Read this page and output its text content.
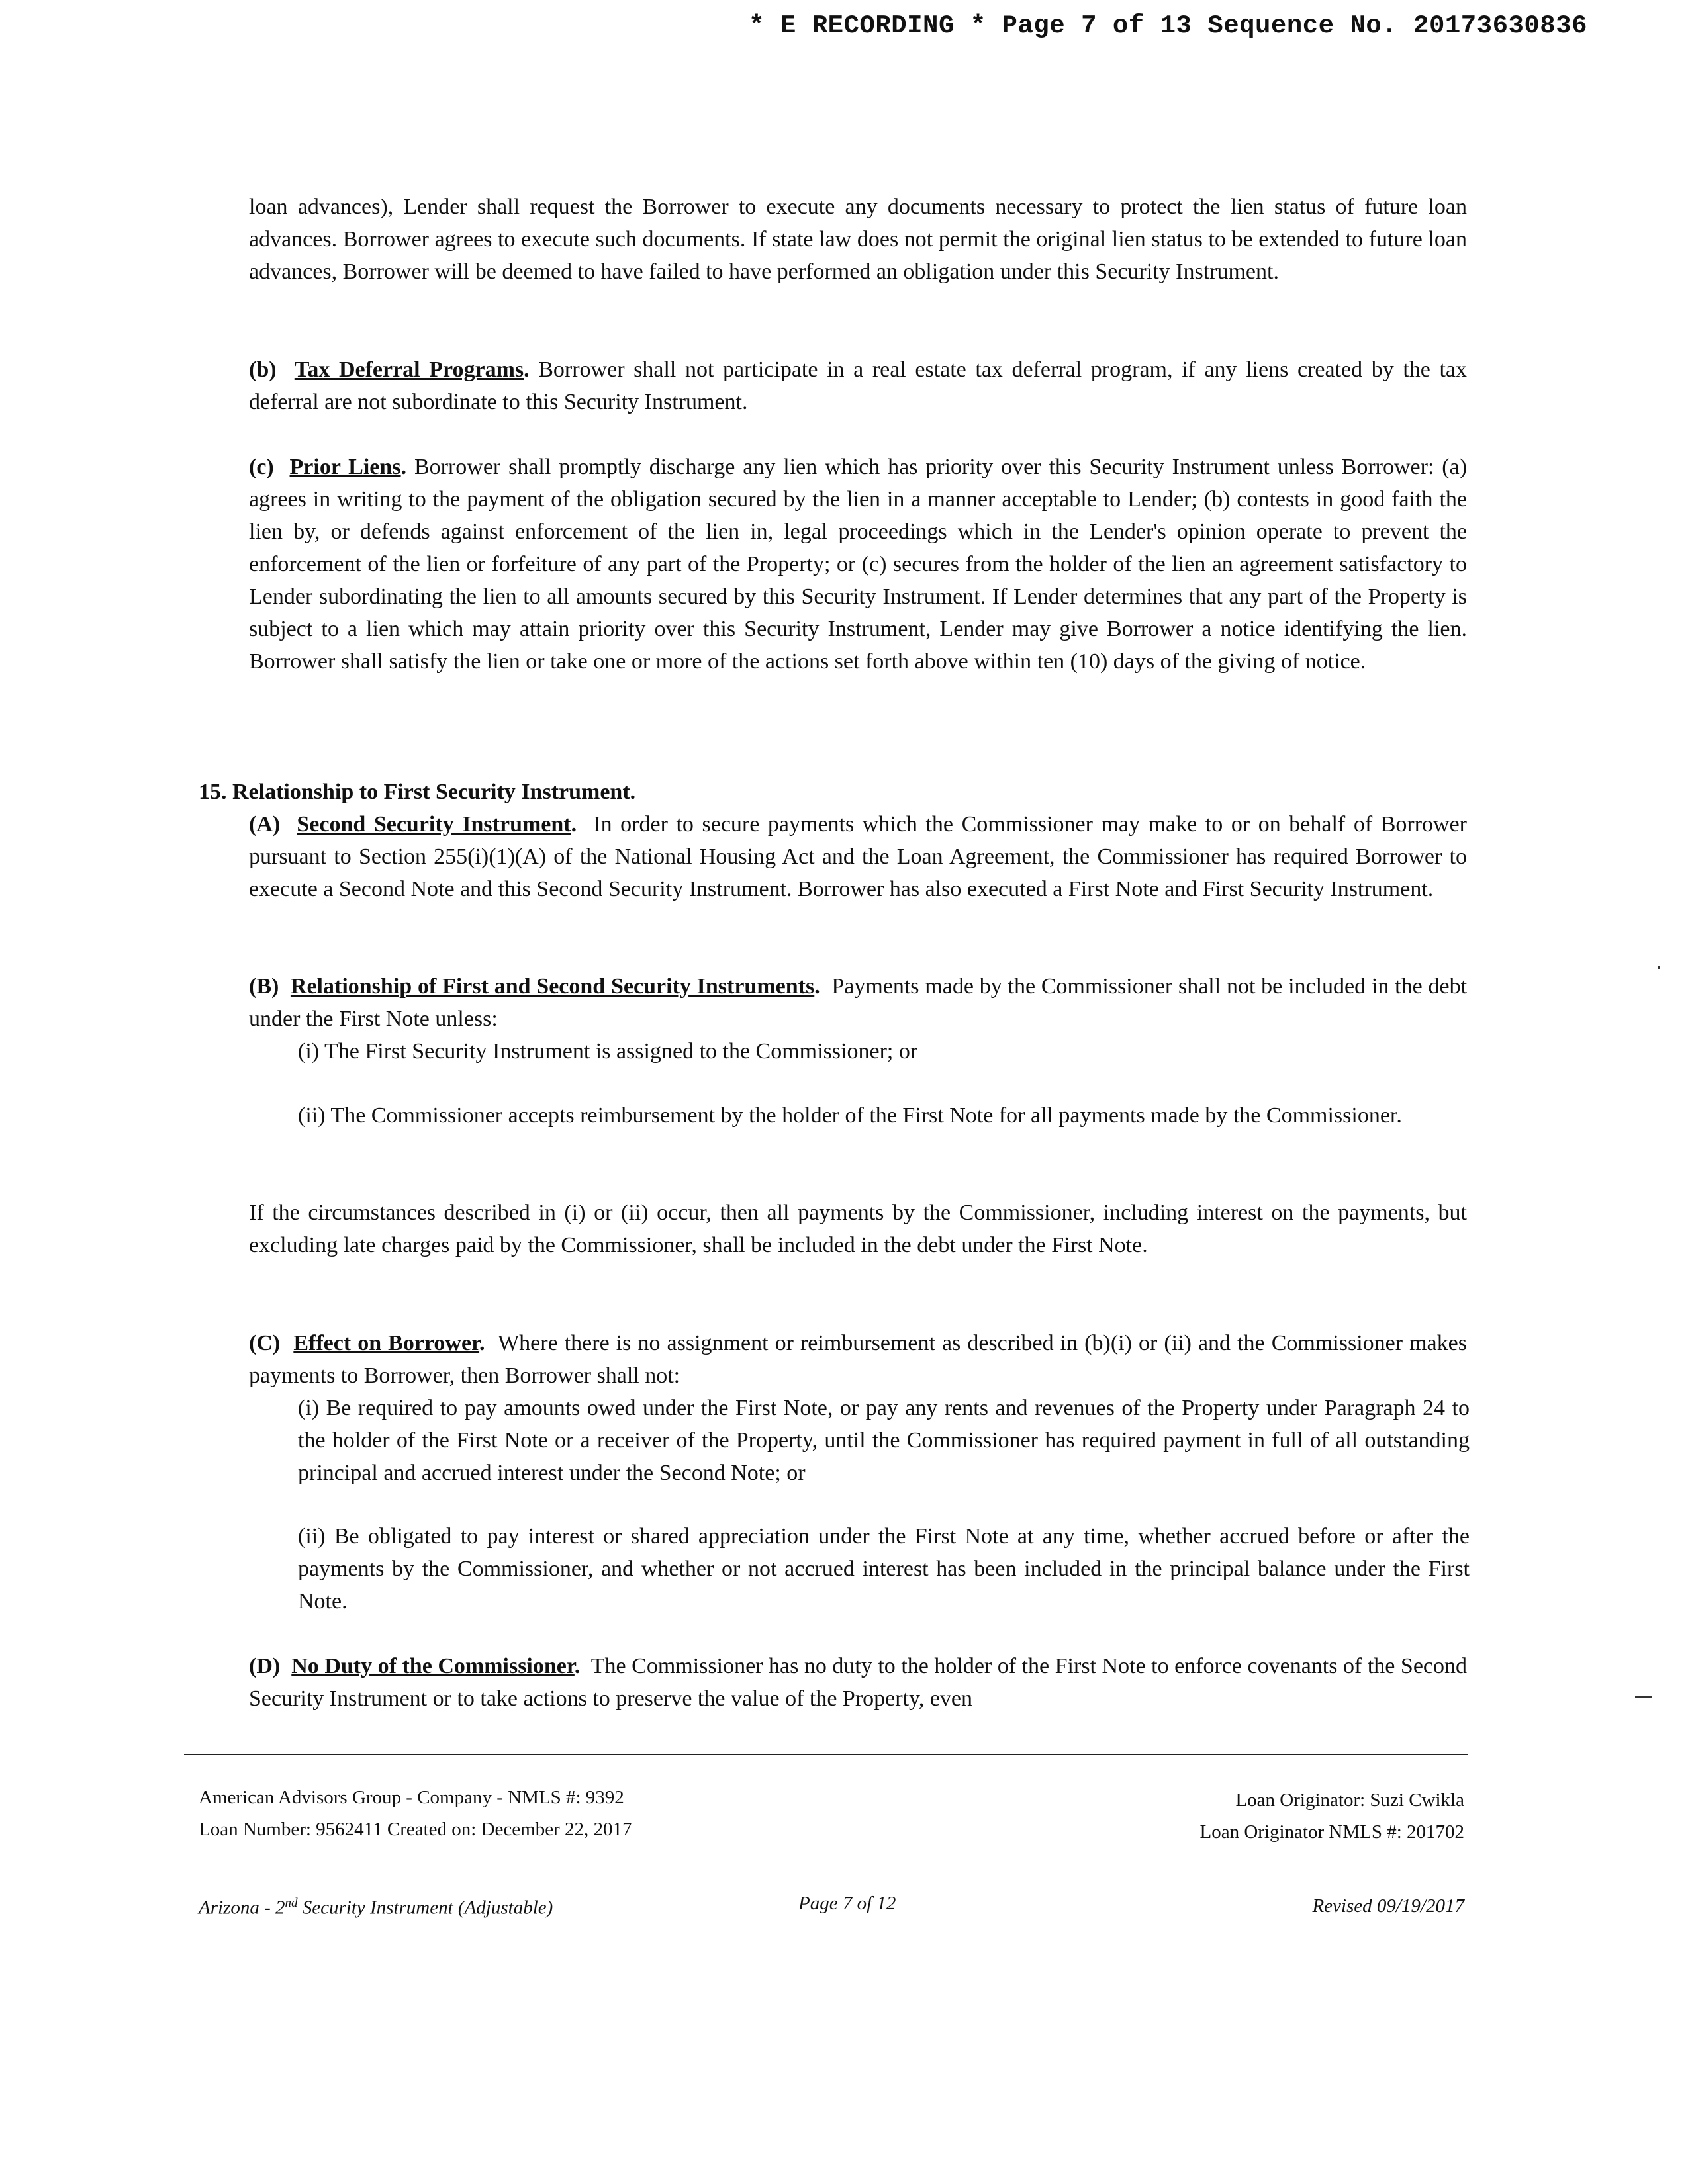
* E RECORDING * Page 7 of 13 Sequence No. 20173630836

loan advances), Lender shall request the Borrower to execute any documents necessary to protect the lien status of future loan advances. Borrower agrees to execute such documents. If state law does not permit the original lien status to be extended to future loan advances, Borrower will be deemed to have failed to have performed an obligation under this Security Instrument.

(b) Tax Deferral Programs. Borrower shall not participate in a real estate tax deferral program, if any liens created by the tax deferral are not subordinate to this Security Instrument.

(c) Prior Liens. Borrower shall promptly discharge any lien which has priority over this Security Instrument unless Borrower: (a) agrees in writing to the payment of the obligation secured by the lien in a manner acceptable to Lender; (b) contests in good faith the lien by, or defends against enforcement of the lien in, legal proceedings which in the Lender's opinion operate to prevent the enforcement of the lien or forfeiture of any part of the Property; or (c) secures from the holder of the lien an agreement satisfactory to Lender subordinating the lien to all amounts secured by this Security Instrument. If Lender determines that any part of the Property is subject to a lien which may attain priority over this Security Instrument, Lender may give Borrower a notice identifying the lien. Borrower shall satisfy the lien or take one or more of the actions set forth above within ten (10) days of the giving of notice.

15. Relationship to First Security Instrument.

(A) Second Security Instrument. In order to secure payments which the Commissioner may make to or on behalf of Borrower pursuant to Section 255(i)(1)(A) of the National Housing Act and the Loan Agreement, the Commissioner has required Borrower to execute a Second Note and this Second Security Instrument. Borrower has also executed a First Note and First Security Instrument.

(B) Relationship of First and Second Security Instruments. Payments made by the Commissioner shall not be included in the debt under the First Note unless:

(i) The First Security Instrument is assigned to the Commissioner; or
(ii) The Commissioner accepts reimbursement by the holder of the First Note for all payments made by the Commissioner.
If the circumstances described in (i) or (ii) occur, then all payments by the Commissioner, including interest on the payments, but excluding late charges paid by the Commissioner, shall be included in the debt under the First Note.

(C) Effect on Borrower. Where there is no assignment or reimbursement as described in (b)(i) or (ii) and the Commissioner makes payments to Borrower, then Borrower shall not:

(i) Be required to pay amounts owed under the First Note, or pay any rents and revenues of the Property under Paragraph 24 to the holder of the First Note or a receiver of the Property, until the Commissioner has required payment in full of all outstanding principal and accrued interest under the Second Note; or
(ii) Be obligated to pay interest or shared appreciation under the First Note at any time, whether accrued before or after the payments by the Commissioner, and whether or not accrued interest has been included in the principal balance under the First Note.

(D) No Duty of the Commissioner. The Commissioner has no duty to the holder of the First Note to enforce covenants of the Second Security Instrument or to take actions to preserve the value of the Property, even

American Advisors Group - Company - NMLS #: 9392
Loan Number: 9562411 Created on: December 22, 2017
Loan Originator: Suzi Cwikla
Loan Originator NMLS #: 201702
Arizona - 2nd Security Instrument (Adjustable)	Page 7 of 12	Revised 09/19/2017
